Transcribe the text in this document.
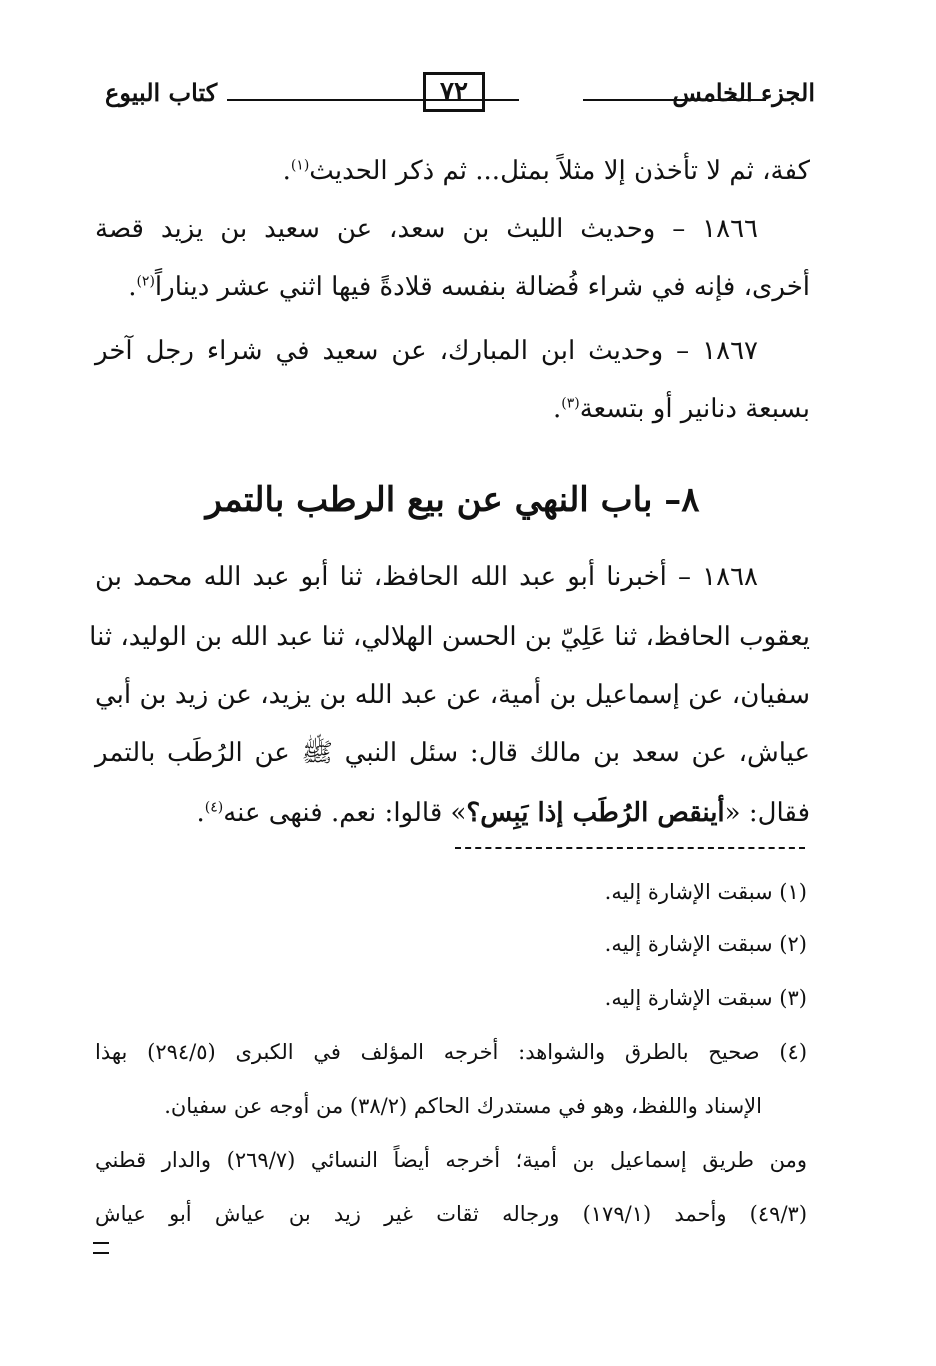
الجزء الخامس
٧٢
كتاب البيوع
كفة، ثم لا تأخذن إلا مثلاً بمثل... ثم ذكر الحديث$^{(١)}$.
١٨٦٦ – وحديث الليث بن سعد، عن سعيد بن يزيد قصة
أخرى، فإنه في شراء فُضالة بنفسه قلادةً فيها اثني عشر ديناراً$^{(٢)}$.
١٨٦٧ – وحديث ابن المبارك، عن سعيد في شراء رجل آخر
بسبعة دنانير أو بتسعة$^{(٣)}$.
٨– باب النهي عن بيع الرطب بالتمر
١٨٦٨ – أخبرنا أبو عبد الله الحافظ، ثنا أبو عبد الله محمد بن
يعقوب الحافظ، ثنا عَلِيّ بن الحسن الهلالي، ثنا عبد الله بن الوليد، ثنا
سفيان، عن إسماعيل بن أمية، عن عبد الله بن يزيد، عن زيد بن أبي
عياش، عن سعد بن مالك قال: سئل النبي ﷺ عن الرُطَب بالتمر
فقال: «أينقص الرُطَب إذا يَبِس؟» قالوا: نعم. فنهى عنه$^{(٤)}$.
(١) سبقت الإشارة إليه.
(٢) سبقت الإشارة إليه.
(٣) سبقت الإشارة إليه.
(٤) صحيح بالطرق والشواهد: أخرجه المؤلف في الكبرى (٢٩٤/٥) بهذا
الإسناد واللفظ، وهو في مستدرك الحاكم (٣٨/٢) من أوجه عن سفيان.
ومن طريق إسماعيل بن أمية؛ أخرجه أيضاً النسائي (٢٦٩/٧) والدار قطني
(٤٩/٣) وأحمد (١٧٩/١) ورجاله ثقات غير زيد بن عياش أبو عياش
